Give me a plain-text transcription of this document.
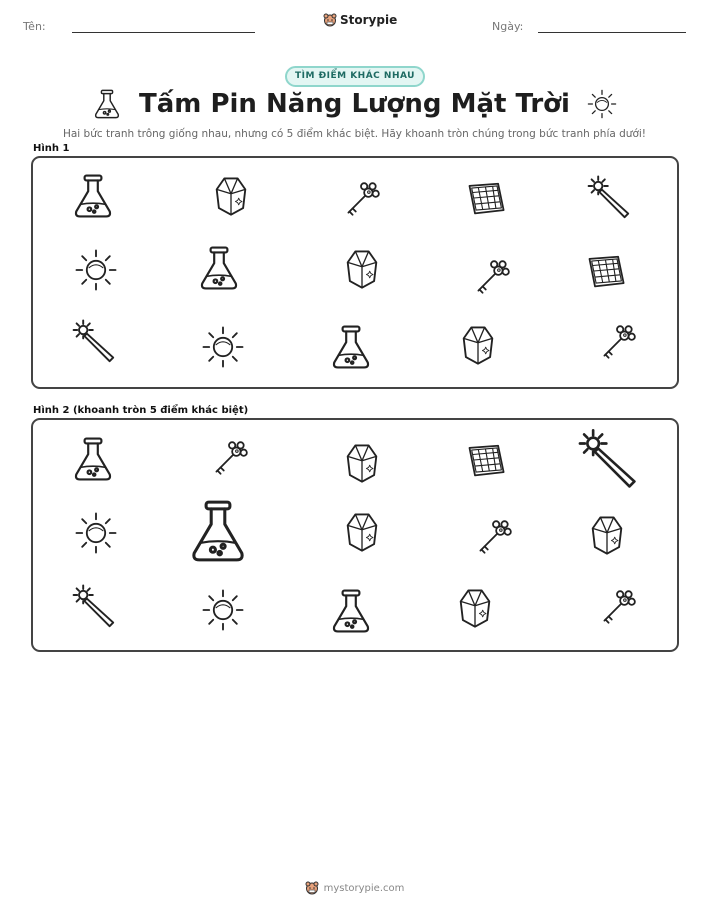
Tên:	Storypie	Ngày:
TÌM ĐIỂM KHÁC NHAU
Tấm Pin Năng Lượng Mặt Trời
Hai bức tranh trông giống nhau, nhưng có 5 điểm khác biệt. Hãy khoanh tròn chúng trong bức tranh phía dưới!
Hình 1
Hình 2 (khoanh tròn 5 điểm khác biệt)
mystorypie.com
